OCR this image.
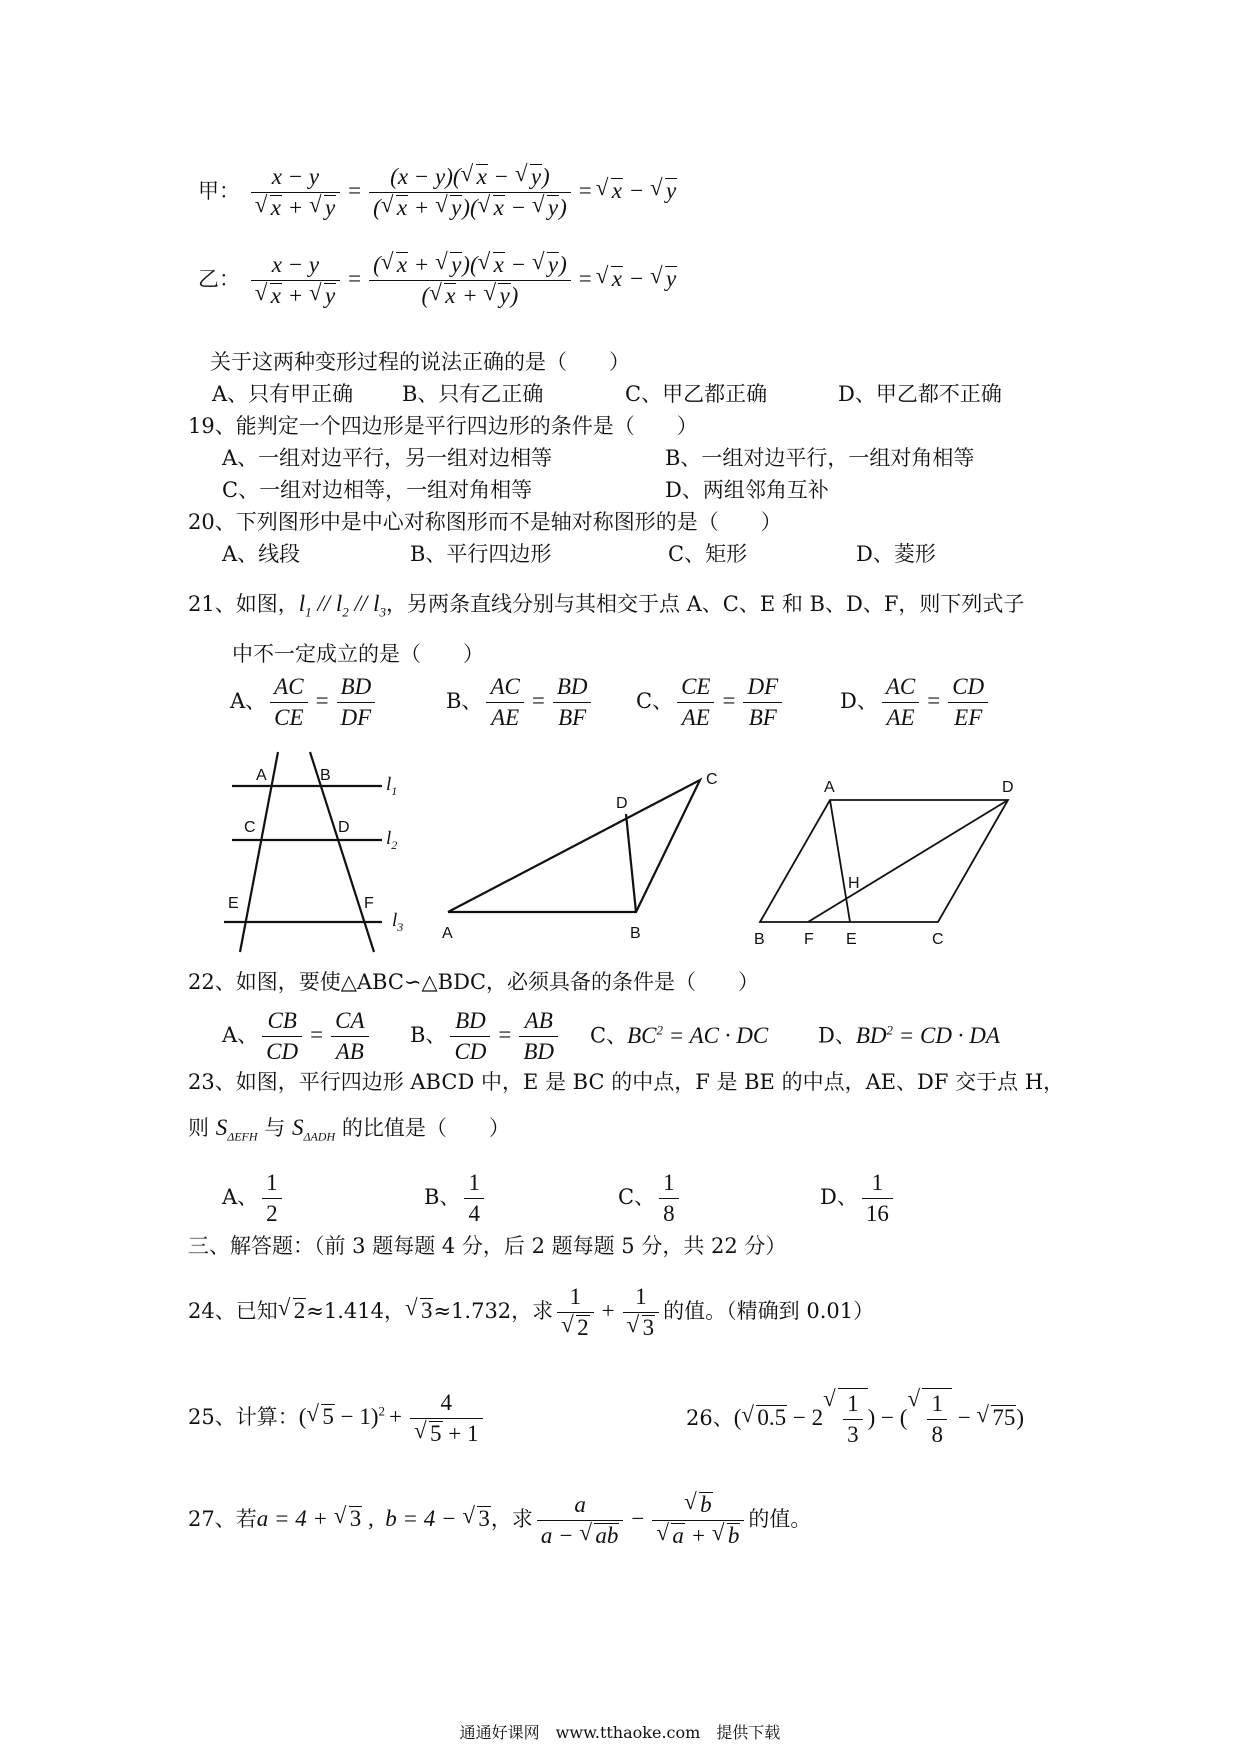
甲： x − y
√ x + √ $y = \frac{(x - y)( √ x - √ y)}{( √ x + √ y)( √ x - √ y)}$ = √ x − √ y
乙： x − y
√ x + √ $y = \frac{( √ x + √ y)( √ x - √ y)}{( √ x + √ y)}$ = √ x − √ y
关于这两种变形过程的说法正确的是（　　）
A、只有甲正确 B、只有乙正确	C、甲乙都正确	D、甲乙都不正确
19、能判定一个四边形是平行四边形的条件是（　　）
A、一组对边平行，另一组对边相等	B、一组对边平行，一组对角相等
C、一组对边相等，一组对角相等	D、两组邻角互补
20、下列图形中是中心对称图形而不是轴对称图形的是（　　）
A、线段	B、平行四边形	C、矩形	D、菱形
21、如图，$l_1 // l_2 // l_3$，另两条直线分别与其相交于点 A、C、E 和 B、D、F，则下列式子
中不一定成立的是（　　）
A、 $\frac{AC}{CE} = \frac{BD}{DF}$	B、 $\frac{AC}{AE} = \frac{BD}{BF}$ C、 $\frac{CE}{AE} = \frac{DF}{BF}$	D、 $\frac{AC}{AE} = \frac{CD}{EF}$
A	B
C	D
E	F
$l_1$
$l_2$
$l_3$ A	B
C
D
A	D
H
B F E	C
22、如图，要使△ABC∽△BDC，必须具备的条件是（　　）
A、 $\frac{CB}{CD} = \frac{CA}{AB}$ B、 $\frac{BD}{CD} = \frac{AB}{BD}$ C、$BC^2$ = AC · DC D、$BD^2$ = CD · DA
23、如图，平行四边形 ABCD 中，E 是 BC 的中点，F 是 BE 的中点，AE、DF 交于点 H，
则 $S_{\Delta EFH}$ 与 $S_{\Delta ADH}$ 的比值是（　　）
A、 $\frac{1}{2}$	B、 $\frac{1}{4}$	C、 $\frac{1}{8}$	D、 $\frac{1}{16}$
三、解答题：（前 3 题每题 4 分，后 2 题每题 5 分，共 22 分）
24、已知 √ 2≈1.414， √ 3≈1.732，求 1
√ 2 + 1
√ 3 的值。（精确到 0.01）
25、计算：( √ 5 − 1)$^2$ + 4
√ 5 + 1	26、( √ 0.5 − 2 √ $\frac{1}{3}$ ) − ( √ $\frac{1}{8}$ − √ 75)
27、若a = 4 + √ 3 ,  b = 4 − √ 3，求 $\frac{a}{a - √ ab}$ − √ b
√ a + √ b 的值。
通通好课网　www.tthaoke.com　提供下载
